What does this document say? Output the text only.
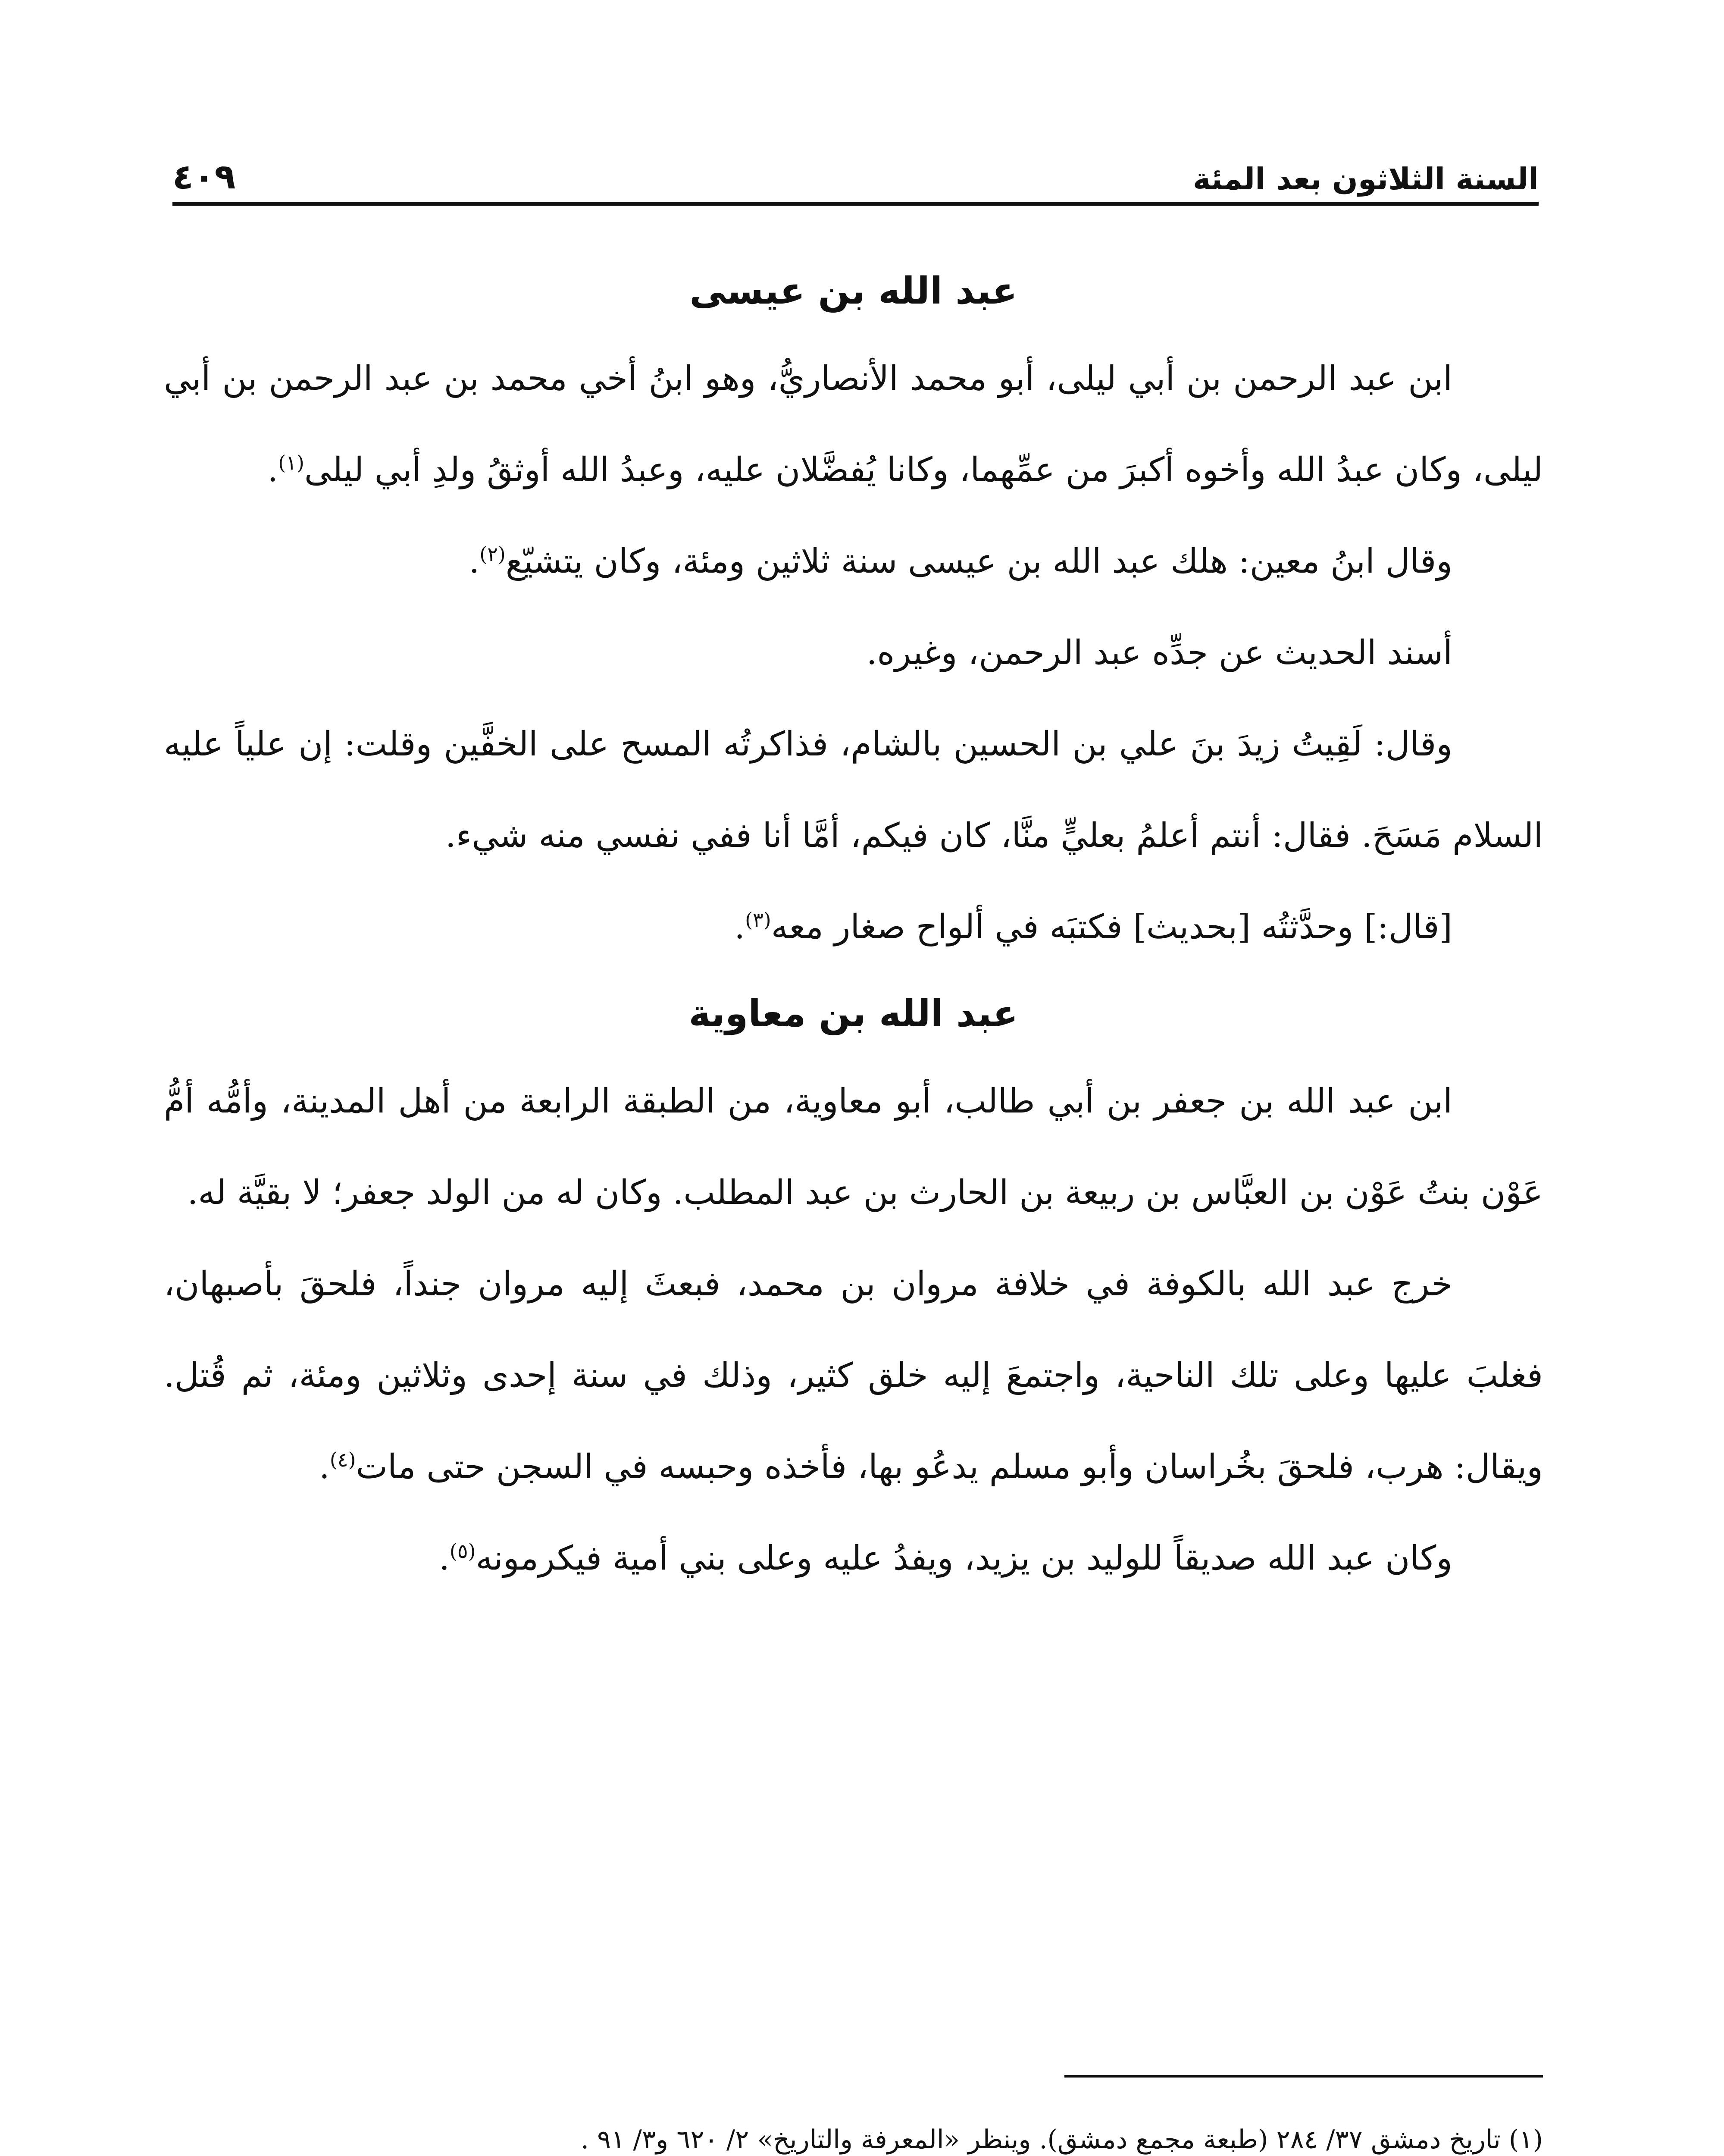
السنة الثلاثون بعد المئة
٤٠٩
عبد الله بن عيسى

ابن عبد الرحمن بن أبي ليلى، أبو محمد الأنصاريُّ، وهو ابنُ أخي محمد بن عبد الرحمن بن أبي ليلى، وكان عبدُ الله وأخوه أكبرَ من عمِّهما، وكانا يُفضَّلان عليه، وعبدُ الله أوثقُ ولدِ أبي ليلى$^{(١)}$.

وقال ابنُ معين: هلك عبد الله بن عيسى سنة ثلاثين ومئة، وكان يتشيّع$^{(٢)}$.

أسند الحديث عن جدِّه عبد الرحمن، وغيره.

وقال: لَقِيتُ زيدَ بنَ علي بن الحسين بالشام، فذاكرتُه المسح على الخفَّين وقلت: إن علياً عليه السلام مَسَحَ. فقال: أنتم أعلمُ بعليٍّ منَّا، كان فيكم، أمَّا أنا ففي نفسي منه شيء.

[قال:] وحدَّثتُه [بحديث] فكتبَه في ألواح صغار معه$^{(٣)}$.

عبد الله بن معاوية

ابن عبد الله بن جعفر بن أبي طالب، أبو معاوية، من الطبقة الرابعة من أهل المدينة، وأمُّه أمُّ عَوْن بنتُ عَوْن بن العبَّاس بن ربيعة بن الحارث بن عبد المطلب. وكان له من الولد جعفر؛ لا بقيَّة له.

خرج عبد الله بالكوفة في خلافة مروان بن محمد، فبعثَ إليه مروان جنداً، فلحقَ بأصبهان، فغلبَ عليها وعلى تلك الناحية، واجتمعَ إليه خلق كثير، وذلك في سنة إحدى وثلاثين ومئة، ثم قُتل. ويقال: هرب، فلحقَ بخُراسان وأبو مسلم يدعُو بها، فأخذه وحبسه في السجن حتى مات$^{(٤)}$.

وكان عبد الله صديقاً للوليد بن يزيد، ويفدُ عليه وعلى بني أمية فيكرمونه$^{(٥)}$.

(١) تاريخ دمشق ٣٧/ ٢٨٤ (طبعة مجمع دمشق). وينظر «المعرفة والتاريخ» ٢/ ٦٢٠ و٣/ ٩١ .
